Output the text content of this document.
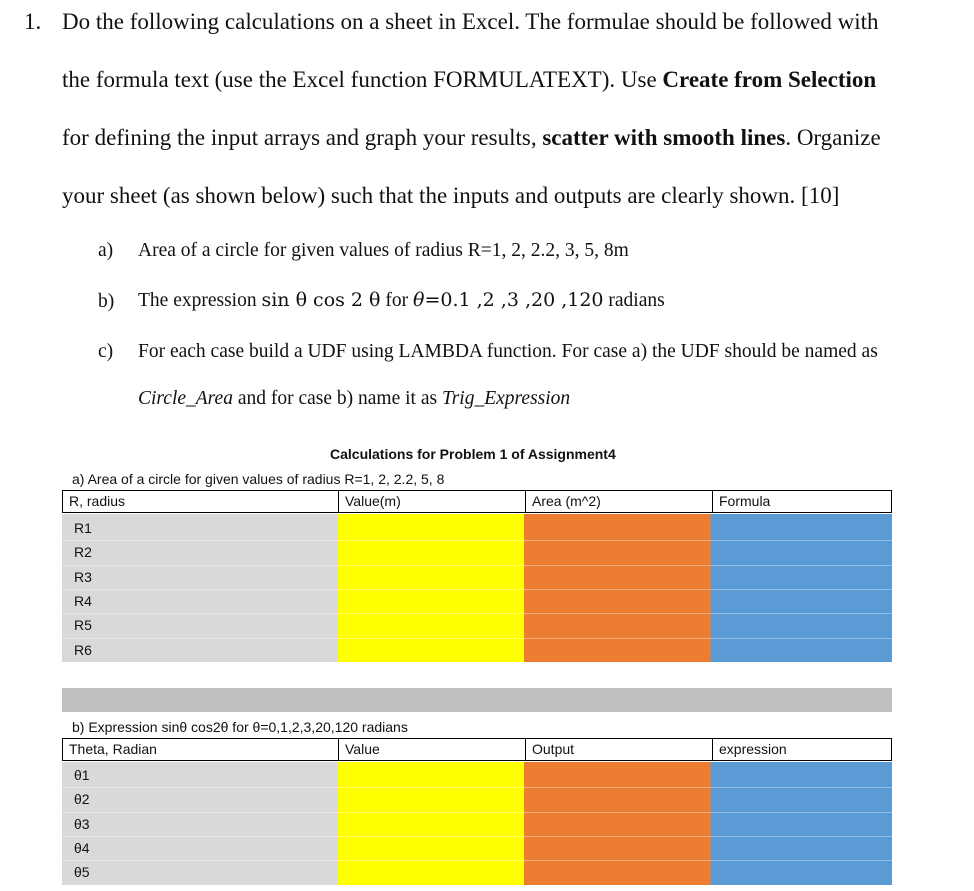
1. Do the following calculations on a sheet in Excel. The formulae should be followed with
the formula text (use the Excel function FORMULATEXT). Use Create from Selection
for defining the input arrays and graph your results, scatter with smooth lines. Organize
your sheet (as shown below) such that the inputs and outputs are clearly shown. [10]
a) Area of a circle for given values of radius R=1, 2, 2.2, 3, 5, 8m
b) The expression sin θ cos 2 θ for θ=0.1 ,2 ,3 ,20 ,120 radians
c) For each case build a UDF using LAMBDA function. For case a) the UDF should be named as
Circle_Area and for case b) name it as Trig_Expression
Calculations for Problem 1 of Assignment4
a) Area of a circle for given values of radius R=1, 2, 2.2, 5, 8
R, radius	Value(m)	Area (m^2)	Formula
R1
R2
R3
R4
R5
R6
b) Expression sinθ cos2θ for θ=0,1,2,3,20,120 radians
Theta, Radian	Value	Output	expression
θ1
θ2
θ3
θ4
θ5
